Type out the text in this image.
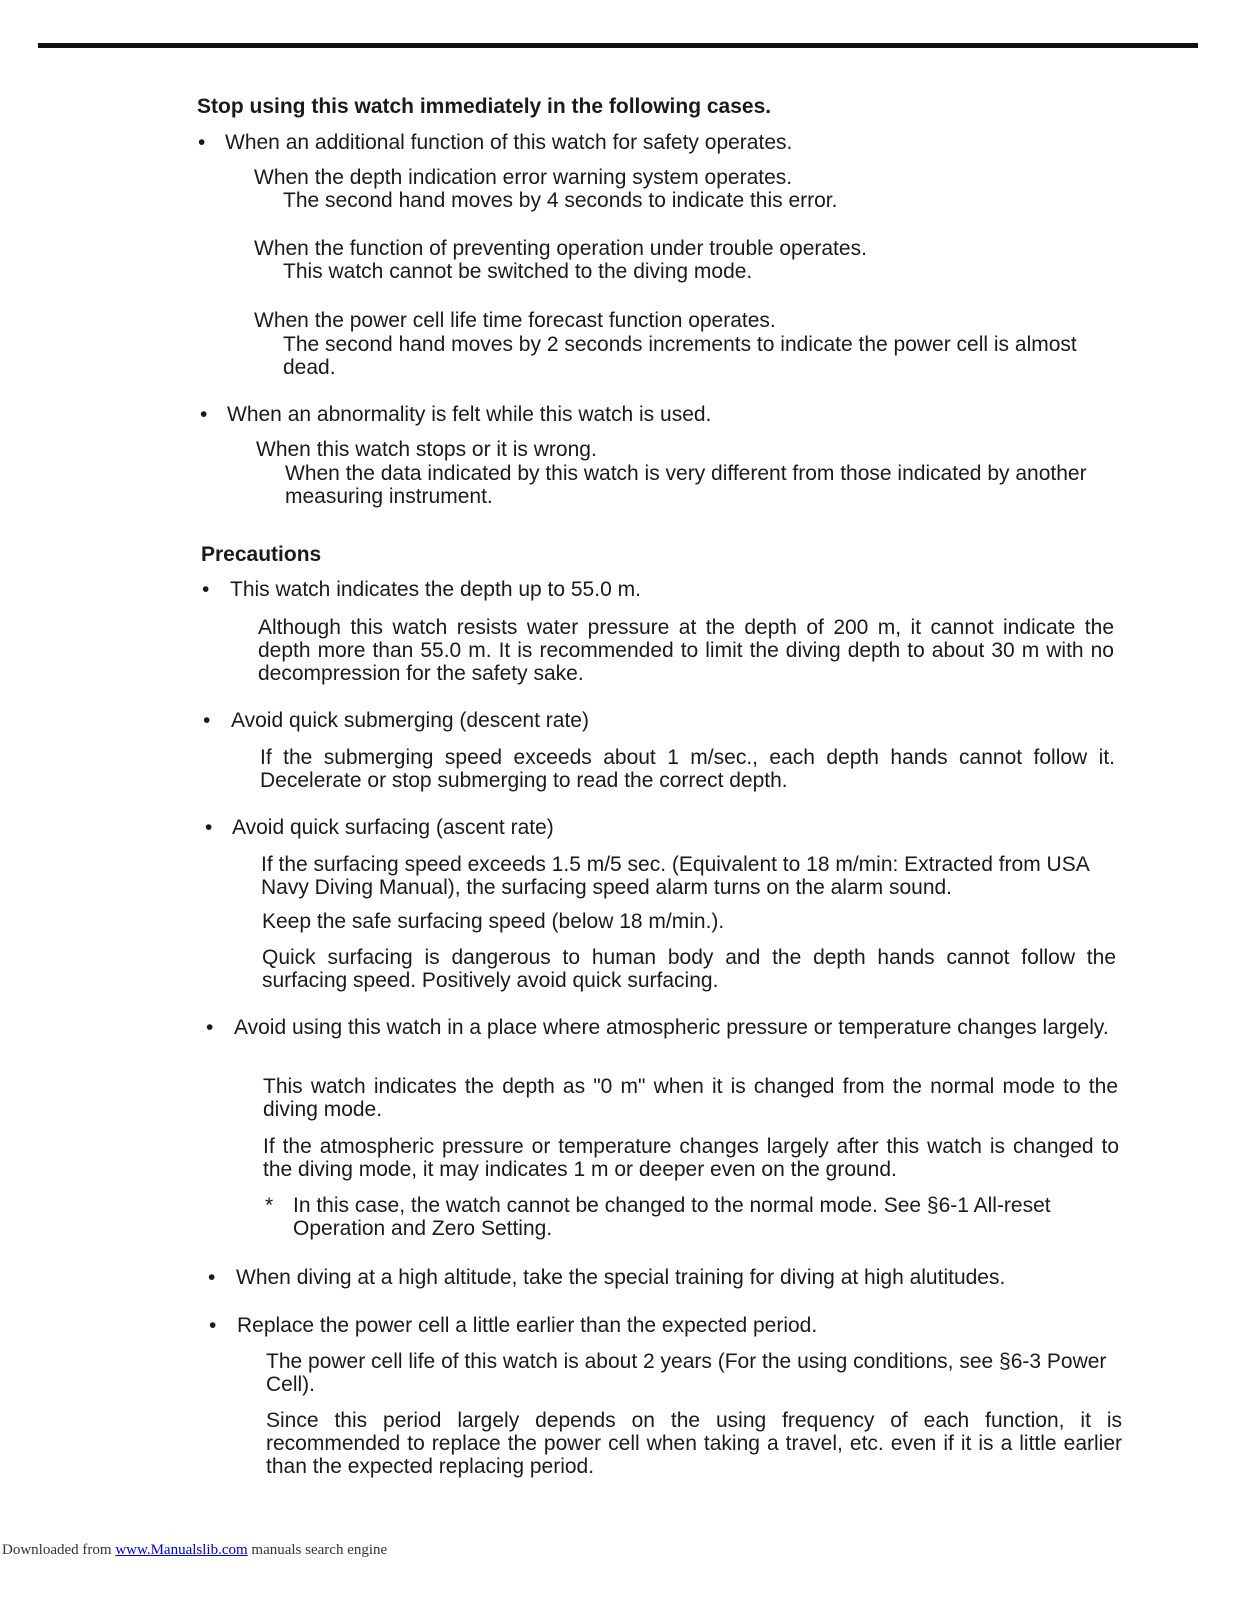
Stop using this watch immediately in the following cases.
• When an additional function of this watch for safety operates.
When the depth indication error warning system operates.
The second hand moves by 4 seconds to indicate this error.
When the function of preventing operation under trouble operates.
This watch cannot be switched to the diving mode.
When the power cell life time forecast function operates.
The second hand moves by 2 seconds increments to indicate the power cell is almost dead.
• When an abnormality is felt while this watch is used.
When this watch stops or it is wrong.
When the data indicated by this watch is very different from those indicated by another measuring instrument.
Precautions
• This watch indicates the depth up to 55.0 m.
Although this watch resists water pressure at the depth of 200 m, it cannot indicate the depth more than 55.0 m. It is recommended to limit the diving depth to about 30 m with no decompression for the safety sake.
• Avoid quick submerging (descent rate)
If the submerging speed exceeds about 1 m/sec., each depth hands cannot follow it. Decelerate or stop submerging to read the correct depth.
• Avoid quick surfacing (ascent rate)
If the surfacing speed exceeds 1.5 m/5 sec. (Equivalent to 18 m/min: Extracted from USA Navy Diving Manual), the surfacing speed alarm turns on the alarm sound.
Keep the safe surfacing speed (below 18 m/min.).
Quick surfacing is dangerous to human body and the depth hands cannot follow the surfacing speed. Positively avoid quick surfacing.
• Avoid using this watch in a place where atmospheric pressure or temperature changes largely.
This watch indicates the depth as "0 m" when it is changed from the normal mode to the diving mode.
If the atmospheric pressure or temperature changes largely after this watch is changed to the diving mode, it may indicates 1 m or deeper even on the ground.
* In this case, the watch cannot be changed to the normal mode. See §6-1 All-reset Operation and Zero Setting.
• When diving at a high altitude, take the special training for diving at high alutitudes.
• Replace the power cell a little earlier than the expected period.
The power cell life of this watch is about 2 years (For the using conditions, see §6-3 Power Cell).
Since this period largely depends on the using frequency of each function, it is recommended to replace the power cell when taking a travel, etc. even if it is a little earlier than the expected replacing period.
Downloaded from www.Manualslib.com manuals search engine
